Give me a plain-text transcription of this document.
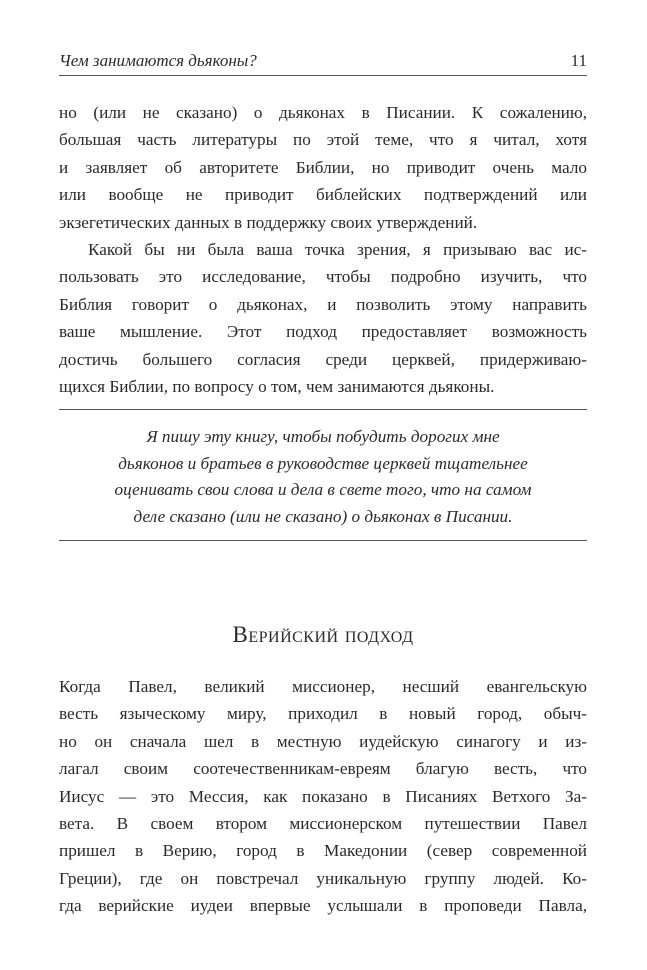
Чем занимаются дьяконы?	11
но (или не сказано) о дьяконах в Писании. К сожалению,
большая часть литературы по этой теме, что я читал, хотя
и заявляет об авторитете Библии, но приводит очень мало
или вообще не приводит библейских подтверждений или
экзегетических данных в поддержку своих утверждений.
Какой бы ни была ваша точка зрения, я призываю вас ис-
пользовать это исследование, чтобы подробно изучить, что
Библия говорит о дьяконах, и позволить этому направить
ваше мышление. Этот подход предоставляет возможность
достичь большего согласия среди церквей, придерживаю-
щихся Библии, по вопросу о том, чем занимаются дьяконы.
Я пишу эту книгу, чтобы побудить дорогих мне
дьяконов и братьев в руководстве церквей тщательнее
оценивать свои слова и дела в свете того, что на самом
деле сказано (или не сказано) о дьяконах в Писании.
Верийский подход
Когда Павел, великий миссионер, несший евангельскую
весть языческому миру, приходил в новый город, обыч-
но он сначала шел в местную иудейскую синагогу и из-
лагал своим соотечественникам-евреям благую весть, что
Иисус — это Мессия, как показано в Писаниях Ветхого За-
вета. В своем втором миссионерском путешествии Павел
пришел в Верию, город в Македонии (север современной
Греции), где он повстречал уникальную группу людей. Ко-
гда верийские иудеи впервые услышали в проповеди Павла,
